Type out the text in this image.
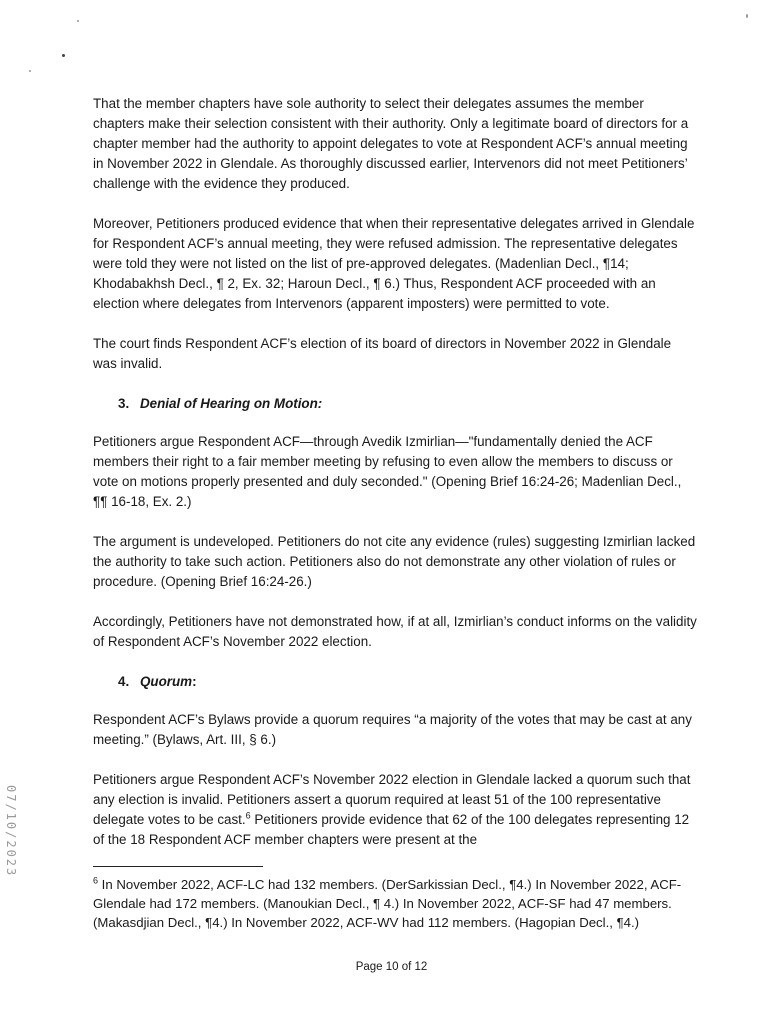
That the member chapters have sole authority to select their delegates assumes the member chapters make their selection consistent with their authority. Only a legitimate board of directors for a chapter member had the authority to appoint delegates to vote at Respondent ACF’s annual meeting in November 2022 in Glendale. As thoroughly discussed earlier, Intervenors did not meet Petitioners’ challenge with the evidence they produced.

Moreover, Petitioners produced evidence that when their representative delegates arrived in Glendale for Respondent ACF’s annual meeting, they were refused admission. The representative delegates were told they were not listed on the list of pre-approved delegates. (Madenlian Decl., ¶14; Khodabakhsh Decl., ¶ 2, Ex. 32; Haroun Decl., ¶ 6.) Thus, Respondent ACF proceeded with an election where delegates from Intervenors (apparent imposters) were permitted to vote.

The court finds Respondent ACF’s election of its board of directors in November 2022 in Glendale was invalid.

3. Denial of Hearing on Motion:

Petitioners argue Respondent ACF—through Avedik Izmirlian—"fundamentally denied the ACF members their right to a fair member meeting by refusing to even allow the members to discuss or vote on motions properly presented and duly seconded." (Opening Brief 16:24-26; Madenlian Decl., ¶¶ 16-18, Ex. 2.)

The argument is undeveloped. Petitioners do not cite any evidence (rules) suggesting Izmirlian lacked the authority to take such action. Petitioners also do not demonstrate any other violation of rules or procedure. (Opening Brief 16:24-26.)

Accordingly, Petitioners have not demonstrated how, if at all, Izmirlian’s conduct informs on the validity of Respondent ACF’s November 2022 election.

4. Quorum:

Respondent ACF’s Bylaws provide a quorum requires “a majority of the votes that may be cast at any meeting.” (Bylaws, Art. III, § 6.)

Petitioners argue Respondent ACF’s November 2022 election in Glendale lacked a quorum such that any election is invalid. Petitioners assert a quorum required at least 51 of the 100 representative delegate votes to be cast.$^6$ Petitioners provide evidence that 62 of the 100 delegates representing 12 of the 18 Respondent ACF member chapters were present at the

$^6$ In November 2022, ACF-LC had 132 members. (DerSarkissian Decl., ¶4.) In November 2022, ACF-Glendale had 172 members. (Manoukian Decl., ¶ 4.) In November 2022, ACF-SF had 47 members. (Makasdjian Decl., ¶4.) In November 2022, ACF-WV had 112 members. (Hagopian Decl., ¶4.)
Page 10 of 12
07/10/2023
